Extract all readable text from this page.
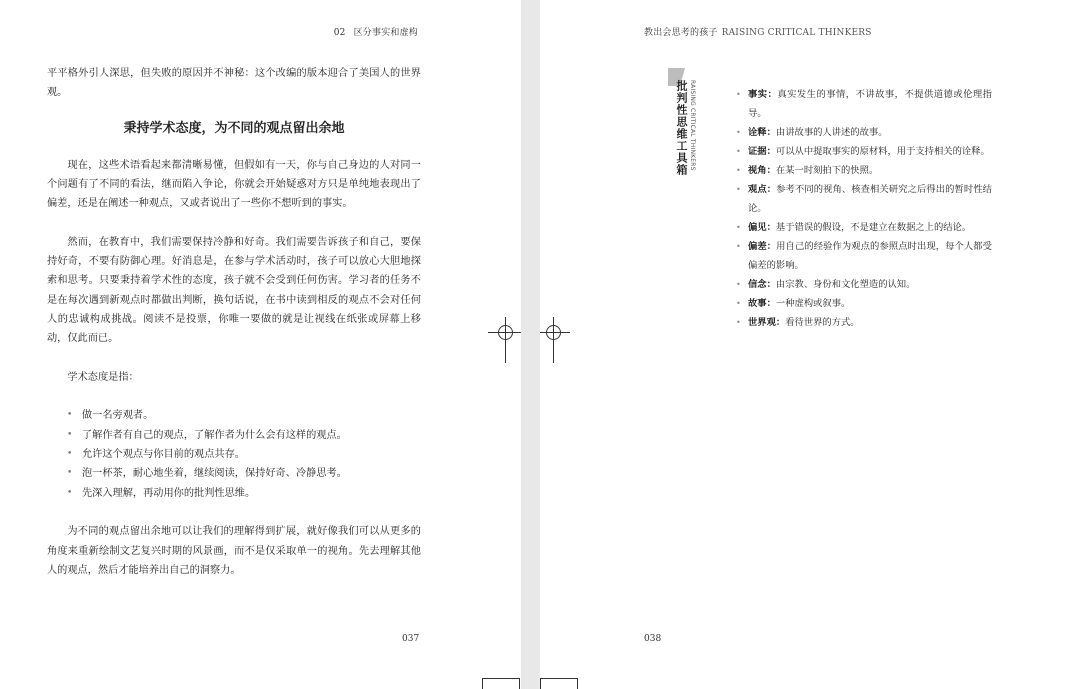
02 区分事实和虚构

平平格外引人深思，但失败的原因并不神秘：这个改编的版本迎合了美国人的世界观。

秉持学术态度，为不同的观点留出余地

现在，这些术语看起来都清晰易懂，但假如有一天，你与自己身边的人对同一个问题有了不同的看法，继而陷入争论，你就会开始疑惑对方只是单纯地表现出了偏差，还是在阐述一种观点，又或者说出了一些你不想听到的事实。

然而，在教育中，我们需要保持冷静和好奇。我们需要告诉孩子和自己，要保持好奇，不要有防御心理。好消息是，在参与学术活动时，孩子可以放心大胆地探索和思考。只要秉持着学术性的态度，孩子就不会受到任何伤害。学习者的任务不是在每次遇到新观点时都做出判断，换句话说，在书中读到相反的观点不会对任何人的忠诚构成挑战。阅读不是投票，你唯一要做的就是让视线在纸张或屏幕上移动，仅此而已。

学术态度是指：

• 做一名旁观者。
• 了解作者有自己的观点，了解作者为什么会有这样的观点。
• 允许这个观点与你目前的观点共存。
• 泡一杯茶，耐心地坐着，继续阅读，保持好奇、冷静思考。
• 先深入理解，再动用你的批判性思维。

为不同的观点留出余地可以让我们的理解得到扩展，就好像我们可以从更多的角度来重新绘制文艺复兴时期的风景画，而不是仅采取单一的视角。先去理解其他人的观点，然后才能培养出自己的洞察力。

037
教出会思考的孩子 RAISING CRITICAL THINKERS
批判性思维工具箱 RAISING CRITICAL THINKERS	• 事实：真实发生的事情，不讲故事，不提供道德或伦理指导。
• 诠释：由讲故事的人讲述的故事。
• 证据：可以从中提取事实的原材料，用于支持相关的诠释。
• 视角：在某一时刻拍下的快照。
• 观点：参考不同的视角、核查相关研究之后得出的暂时性结论。
• 偏见：基于错误的假设，不是建立在数据之上的结论。
• 偏差：用自己的经验作为观点的参照点时出现，每个人都受偏差的影响。
• 信念：由宗教、身份和文化塑造的认知。
• 故事：一种虚构或叙事。
• 世界观：看待世界的方式。
038
